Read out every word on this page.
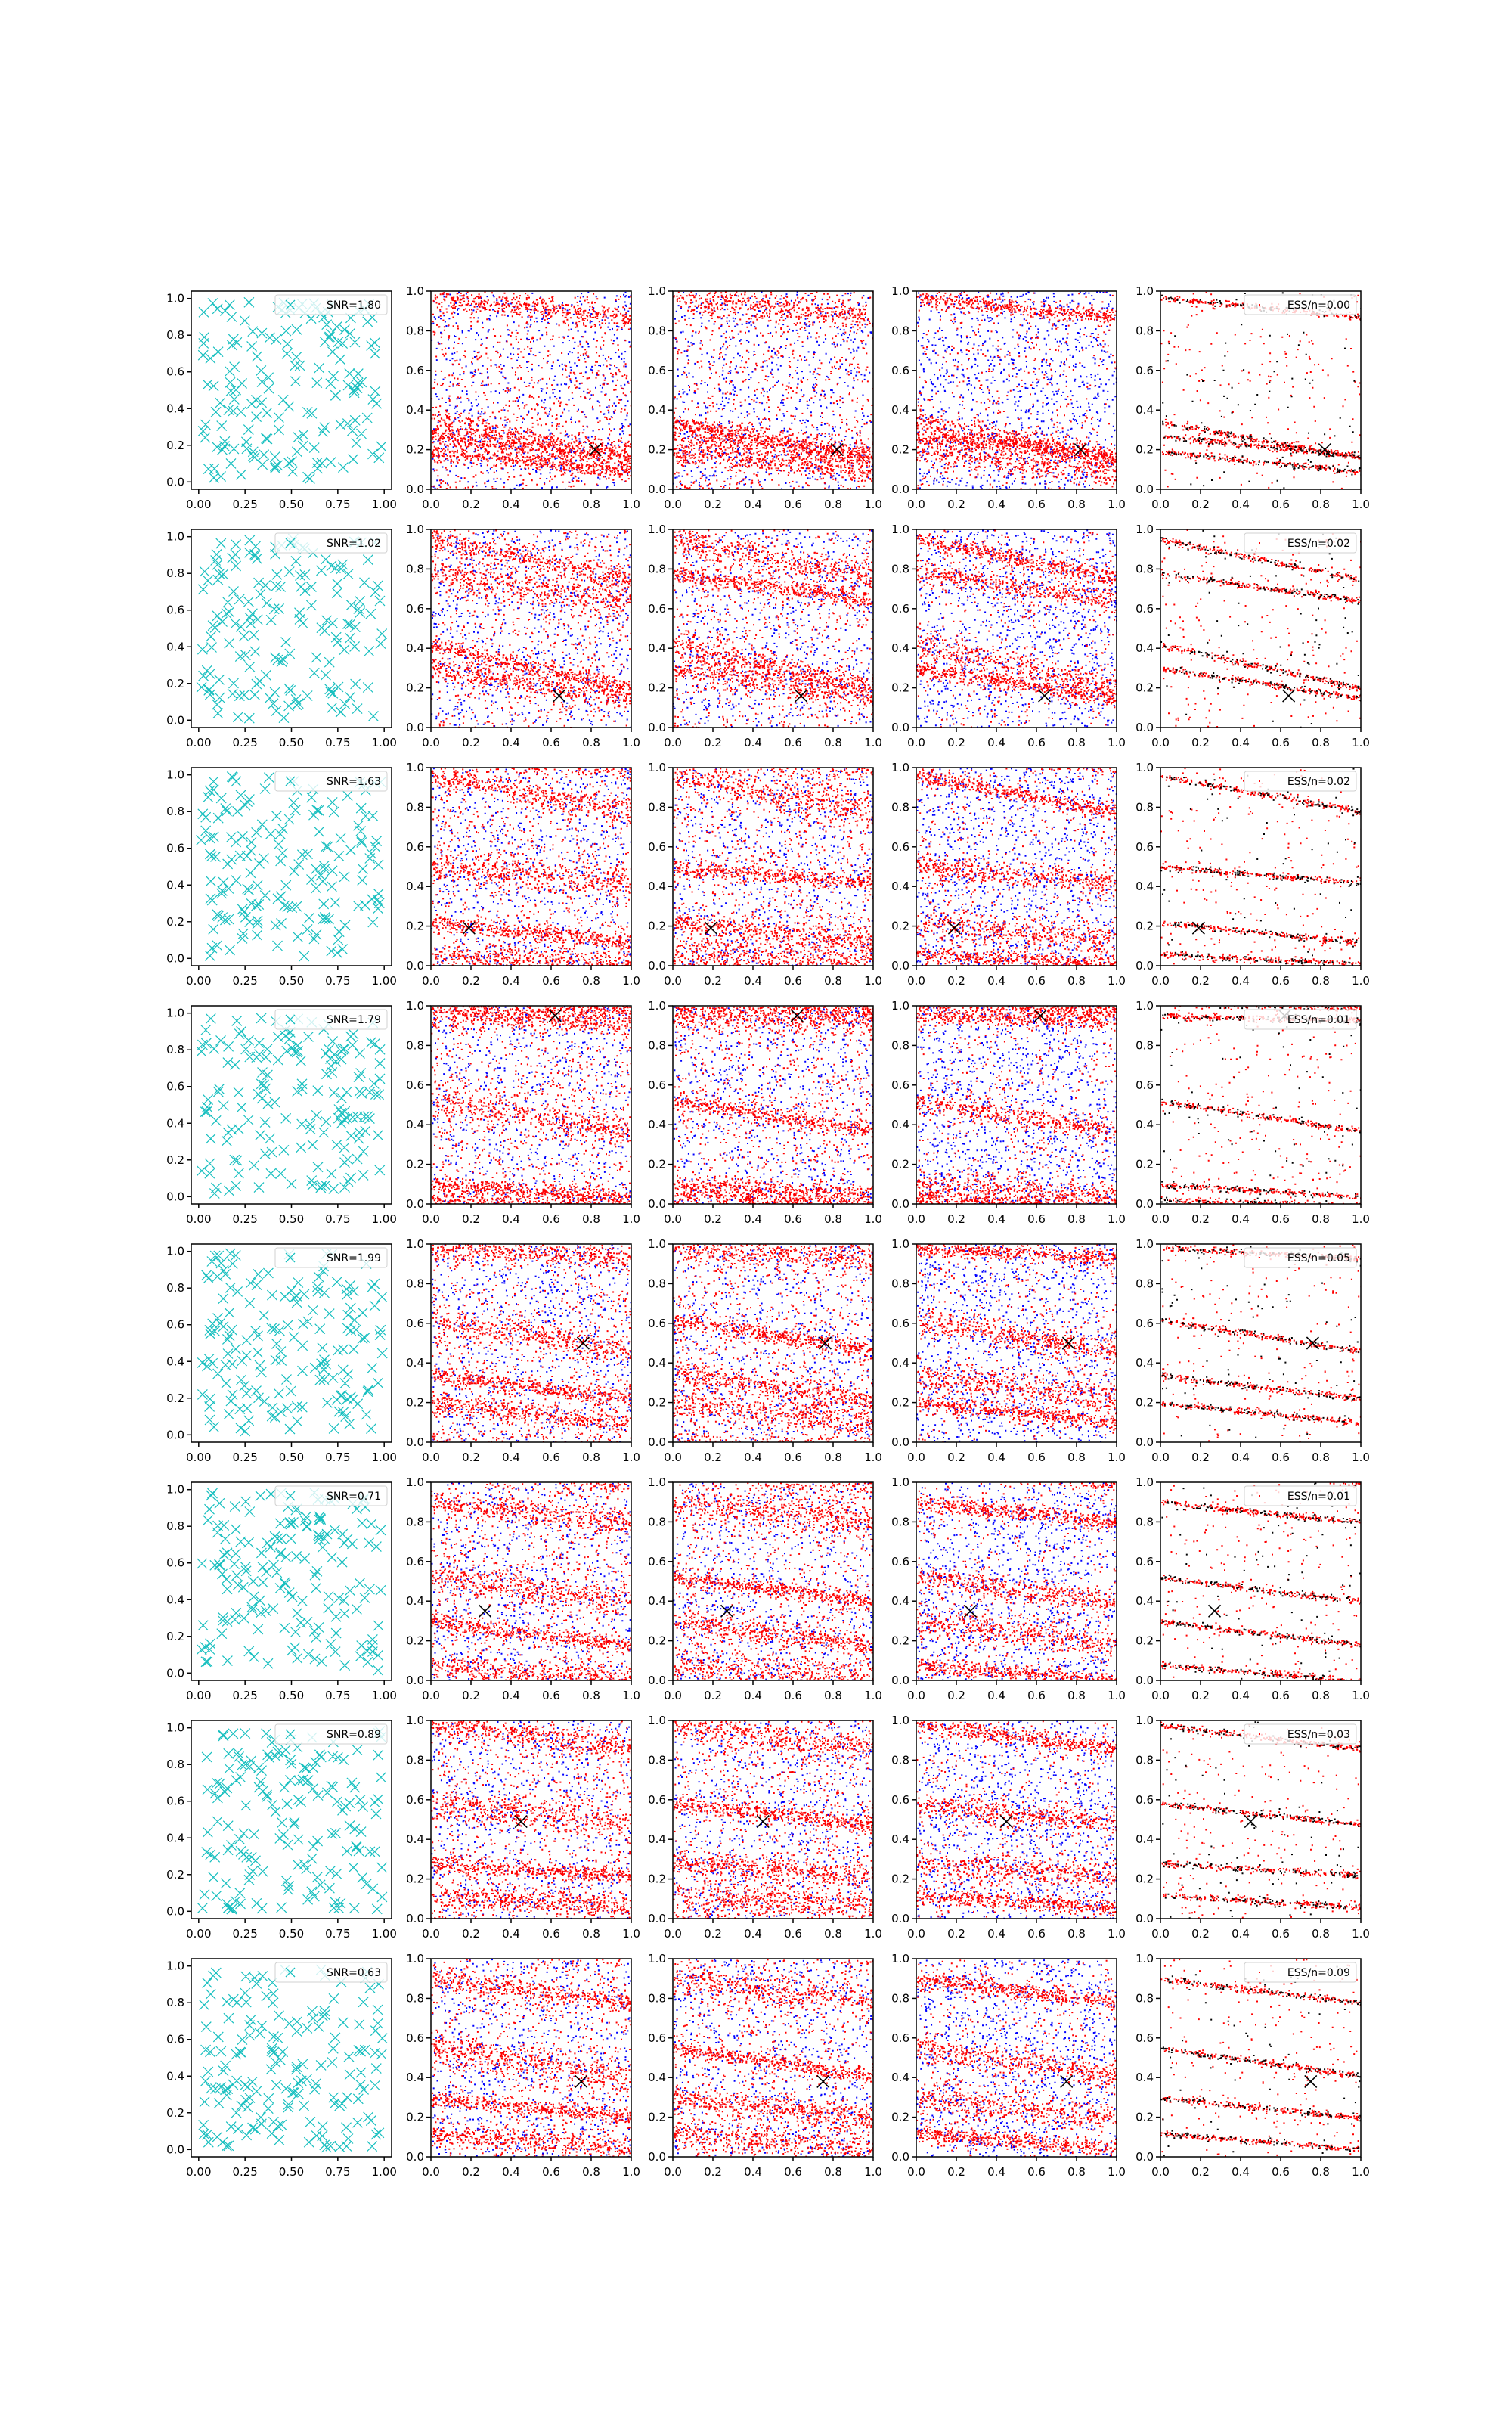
0.00 0.25 0.50 0.75 1.00
0.0
0.2
0.4
0.6
0.8
1.0
SNR=1.80
0.0 0.2 0.4 0.6 0.8 1.0
0.0
0.2
0.4
0.6
0.8
1.0
0.0 0.2 0.4 0.6 0.8 1.0
0.0
0.2
0.4
0.6
0.8
1.0
0.0 0.2 0.4 0.6 0.8 1.0
0.0
0.2
0.4
0.6
0.8
1.0
0.0 0.2 0.4 0.6 0.8 1.0
0.0
0.2
0.4
0.6
0.8
1.0
ESS/n=0.00
0.00 0.25 0.50 0.75 1.00
0.0
0.2
0.4
0.6
0.8
1.0
SNR=1.02
0.0 0.2 0.4 0.6 0.8 1.0
0.0
0.2
0.4
0.6
0.8
1.0
0.0 0.2 0.4 0.6 0.8 1.0
0.0
0.2
0.4
0.6
0.8
1.0
0.0 0.2 0.4 0.6 0.8 1.0
0.0
0.2
0.4
0.6
0.8
1.0
0.0 0.2 0.4 0.6 0.8 1.0
0.0
0.2
0.4
0.6
0.8
1.0
ESS/n=0.02
0.00 0.25 0.50 0.75 1.00
0.0
0.2
0.4
0.6
0.8
1.0
SNR=1.63
0.0 0.2 0.4 0.6 0.8 1.0
0.0
0.2
0.4
0.6
0.8
1.0
0.0 0.2 0.4 0.6 0.8 1.0
0.0
0.2
0.4
0.6
0.8
1.0
0.0 0.2 0.4 0.6 0.8 1.0
0.0
0.2
0.4
0.6
0.8
1.0
0.0 0.2 0.4 0.6 0.8 1.0
0.0
0.2
0.4
0.6
0.8
1.0
ESS/n=0.02
0.00 0.25 0.50 0.75 1.00
0.0
0.2
0.4
0.6
0.8
1.0
SNR=1.79
0.0 0.2 0.4 0.6 0.8 1.0
0.0
0.2
0.4
0.6
0.8
1.0
0.0 0.2 0.4 0.6 0.8 1.0
0.0
0.2
0.4
0.6
0.8
1.0
0.0 0.2 0.4 0.6 0.8 1.0
0.0
0.2
0.4
0.6
0.8
1.0
0.0 0.2 0.4 0.6 0.8 1.0
0.0
0.2
0.4
0.6
0.8
1.0
ESS/n=0.01
0.00 0.25 0.50 0.75 1.00
0.0
0.2
0.4
0.6
0.8
1.0
SNR=1.99
0.0 0.2 0.4 0.6 0.8 1.0
0.0
0.2
0.4
0.6
0.8
1.0
0.0 0.2 0.4 0.6 0.8 1.0
0.0
0.2
0.4
0.6
0.8
1.0
0.0 0.2 0.4 0.6 0.8 1.0
0.0
0.2
0.4
0.6
0.8
1.0
0.0 0.2 0.4 0.6 0.8 1.0
0.0
0.2
0.4
0.6
0.8
1.0
ESS/n=0.05
0.00 0.25 0.50 0.75 1.00
0.0
0.2
0.4
0.6
0.8
1.0
SNR=0.71
0.0 0.2 0.4 0.6 0.8 1.0
0.0
0.2
0.4
0.6
0.8
1.0
0.0 0.2 0.4 0.6 0.8 1.0
0.0
0.2
0.4
0.6
0.8
1.0
0.0 0.2 0.4 0.6 0.8 1.0
0.0
0.2
0.4
0.6
0.8
1.0
0.0 0.2 0.4 0.6 0.8 1.0
0.0
0.2
0.4
0.6
0.8
1.0
ESS/n=0.01
0.00 0.25 0.50 0.75 1.00
0.0
0.2
0.4
0.6
0.8
1.0
SNR=0.89
0.0 0.2 0.4 0.6 0.8 1.0
0.0
0.2
0.4
0.6
0.8
1.0
0.0 0.2 0.4 0.6 0.8 1.0
0.0
0.2
0.4
0.6
0.8
1.0
0.0 0.2 0.4 0.6 0.8 1.0
0.0
0.2
0.4
0.6
0.8
1.0
0.0 0.2 0.4 0.6 0.8 1.0
0.0
0.2
0.4
0.6
0.8
1.0
ESS/n=0.03
0.00 0.25 0.50 0.75 1.00
0.0
0.2
0.4
0.6
0.8
1.0
SNR=0.63
0.0 0.2 0.4 0.6 0.8 1.0
0.0
0.2
0.4
0.6
0.8
1.0
0.0 0.2 0.4 0.6 0.8 1.0
0.0
0.2
0.4
0.6
0.8
1.0
0.0 0.2 0.4 0.6 0.8 1.0
0.0
0.2
0.4
0.6
0.8
1.0
0.0 0.2 0.4 0.6 0.8 1.0
0.0
0.2
0.4
0.6
0.8
1.0
ESS/n=0.09
